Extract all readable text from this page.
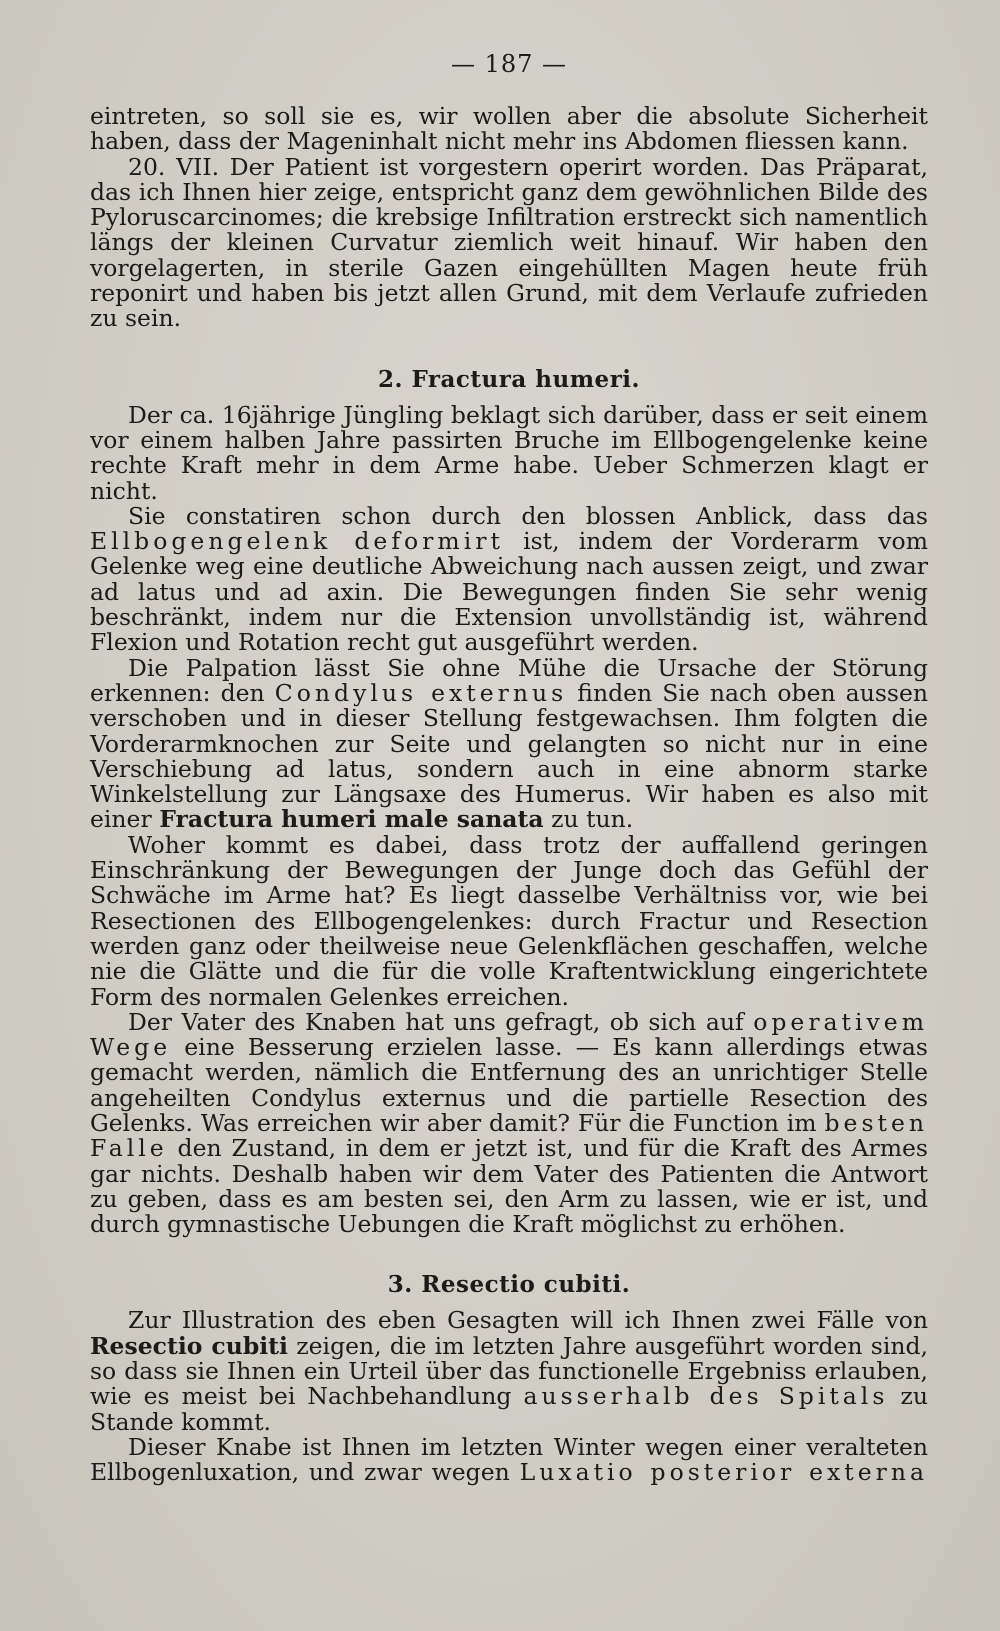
— 187 —

eintreten, so soll sie es, wir wollen aber die absolute Sicherheit haben, dass der Mageninhalt nicht mehr ins Abdomen fliessen kann.

20. VII. Der Patient ist vorgestern operirt worden. Das Präparat, das ich Ihnen hier zeige, entspricht ganz dem gewöhnlichen Bilde des Pyloruscarcinomes; die krebsige Infiltration erstreckt sich namentlich längs der kleinen Curvatur ziemlich weit hinauf. Wir haben den vorgelagerten, in sterile Gazen eingehüllten Magen heute früh reponirt und haben bis jetzt allen Grund, mit dem Verlaufe zufrieden zu sein.

2. Fractura humeri.

Der ca. 16jährige Jüngling beklagt sich darüber, dass er seit einem vor einem halben Jahre passirten Bruche im Ellbogengelenke keine rechte Kraft mehr in dem Arme habe. Ueber Schmerzen klagt er nicht.

Sie constatiren schon durch den blossen Anblick, dass das Ellbogengelenk deformirt ist, indem der Vorderarm vom Gelenke weg eine deutliche Abweichung nach aussen zeigt, und zwar ad latus und ad axin. Die Bewegungen finden Sie sehr wenig beschränkt, indem nur die Extension unvollständig ist, während Flexion und Rotation recht gut ausgeführt werden.

Die Palpation lässt Sie ohne Mühe die Ursache der Störung erkennen: den Condylus externus finden Sie nach oben aussen verschoben und in dieser Stellung festgewachsen. Ihm folgten die Vorderarmknochen zur Seite und gelangten so nicht nur in eine Verschiebung ad latus, sondern auch in eine abnorm starke Winkelstellung zur Längsaxe des Humerus. Wir haben es also mit einer Fractura humeri male sanata zu tun.

Woher kommt es dabei, dass trotz der auffallend geringen Einschränkung der Bewegungen der Junge doch das Gefühl der Schwäche im Arme hat? Es liegt dasselbe Verhältniss vor, wie bei Resectionen des Ellbogengelenkes: durch Fractur und Resection werden ganz oder theilweise neue Gelenkflächen geschaffen, welche nie die Glätte und die für die volle Kraftentwicklung eingerichtete Form des normalen Gelenkes erreichen.

Der Vater des Knaben hat uns gefragt, ob sich auf operativem Wege eine Besserung erzielen lasse. — Es kann allerdings etwas gemacht werden, nämlich die Entfernung des an unrichtiger Stelle angeheilten Condylus externus und die partielle Resection des Gelenks. Was erreichen wir aber damit? Für die Function im besten Falle den Zustand, in dem er jetzt ist, und für die Kraft des Armes gar nichts. Deshalb haben wir dem Vater des Patienten die Antwort zu geben, dass es am besten sei, den Arm zu lassen, wie er ist, und durch gymnastische Uebungen die Kraft möglichst zu erhöhen.

3. Resectio cubiti.

Zur Illustration des eben Gesagten will ich Ihnen zwei Fälle von Resectio cubiti zeigen, die im letzten Jahre ausgeführt worden sind, so dass sie Ihnen ein Urteil über das functionelle Ergebniss erlauben, wie es meist bei Nachbehandlung ausserhalb des Spitals zu Stande kommt.

Dieser Knabe ist Ihnen im letzten Winter wegen einer veralteten Ellbogenluxation, und zwar wegen Luxatio posterior externa
